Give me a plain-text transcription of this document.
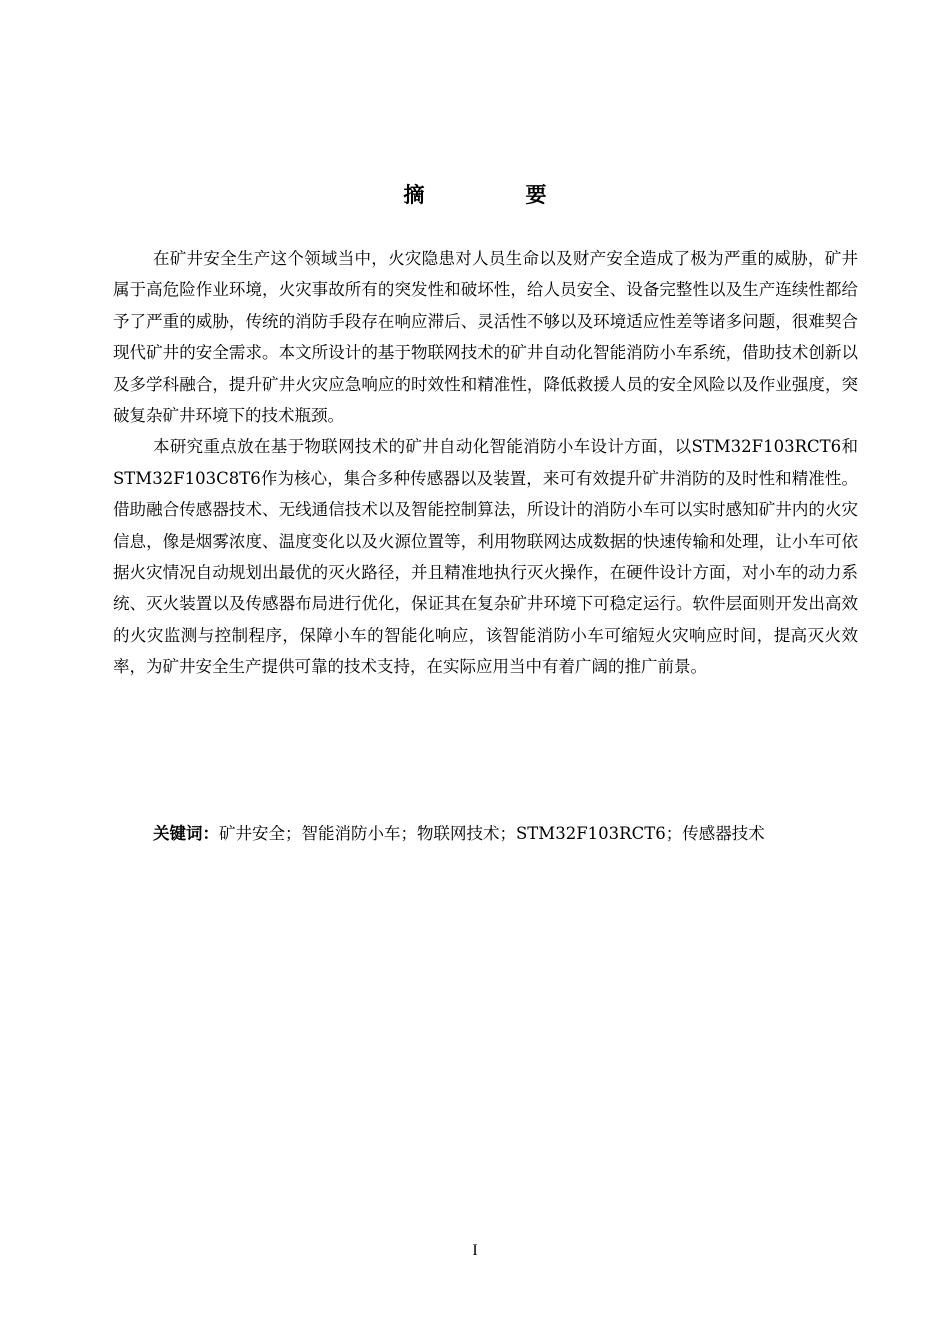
摘　要

在矿井安全生产这个领域当中，火灾隐患对人员生命以及财产安全造成了极为严重的威胁，矿井属于高危险作业环境，火灾事故所有的突发性和破坏性，给人员安全、设备完整性以及生产连续性都给予了严重的威胁，传统的消防手段存在响应滞后、灵活性不够以及环境适应性差等诸多问题，很难契合现代矿井的安全需求。本文所设计的基于物联网技术的矿井自动化智能消防小车系统，借助技术创新以及多学科融合，提升矿井火灾应急响应的时效性和精准性，降低救援人员的安全风险以及作业强度，突破复杂矿井环境下的技术瓶颈。

本研究重点放在基于物联网技术的矿井自动化智能消防小车设计方面，以STM32F103RCT6和STM32F103C8T6作为核心，集合多种传感器以及装置，来可有效提升矿井消防的及时性和精准性。借助融合传感器技术、无线通信技术以及智能控制算法，所设计的消防小车可以实时感知矿井内的火灾信息，像是烟雾浓度、温度变化以及火源位置等，利用物联网达成数据的快速传输和处理，让小车可依据火灾情况自动规划出最优的灭火路径，并且精准地执行灭火操作，在硬件设计方面，对小车的动力系统、灭火装置以及传感器布局进行优化，保证其在复杂矿井环境下可稳定运行。软件层面则开发出高效的火灾监测与控制程序，保障小车的智能化响应，该智能消防小车可缩短火灾响应时间，提高灭火效率，为矿井安全生产提供可靠的技术支持，在实际应用当中有着广阔的推广前景。

关键词：矿井安全；智能消防小车；物联网技术；STM32F103RCT6；传感器技术
I
